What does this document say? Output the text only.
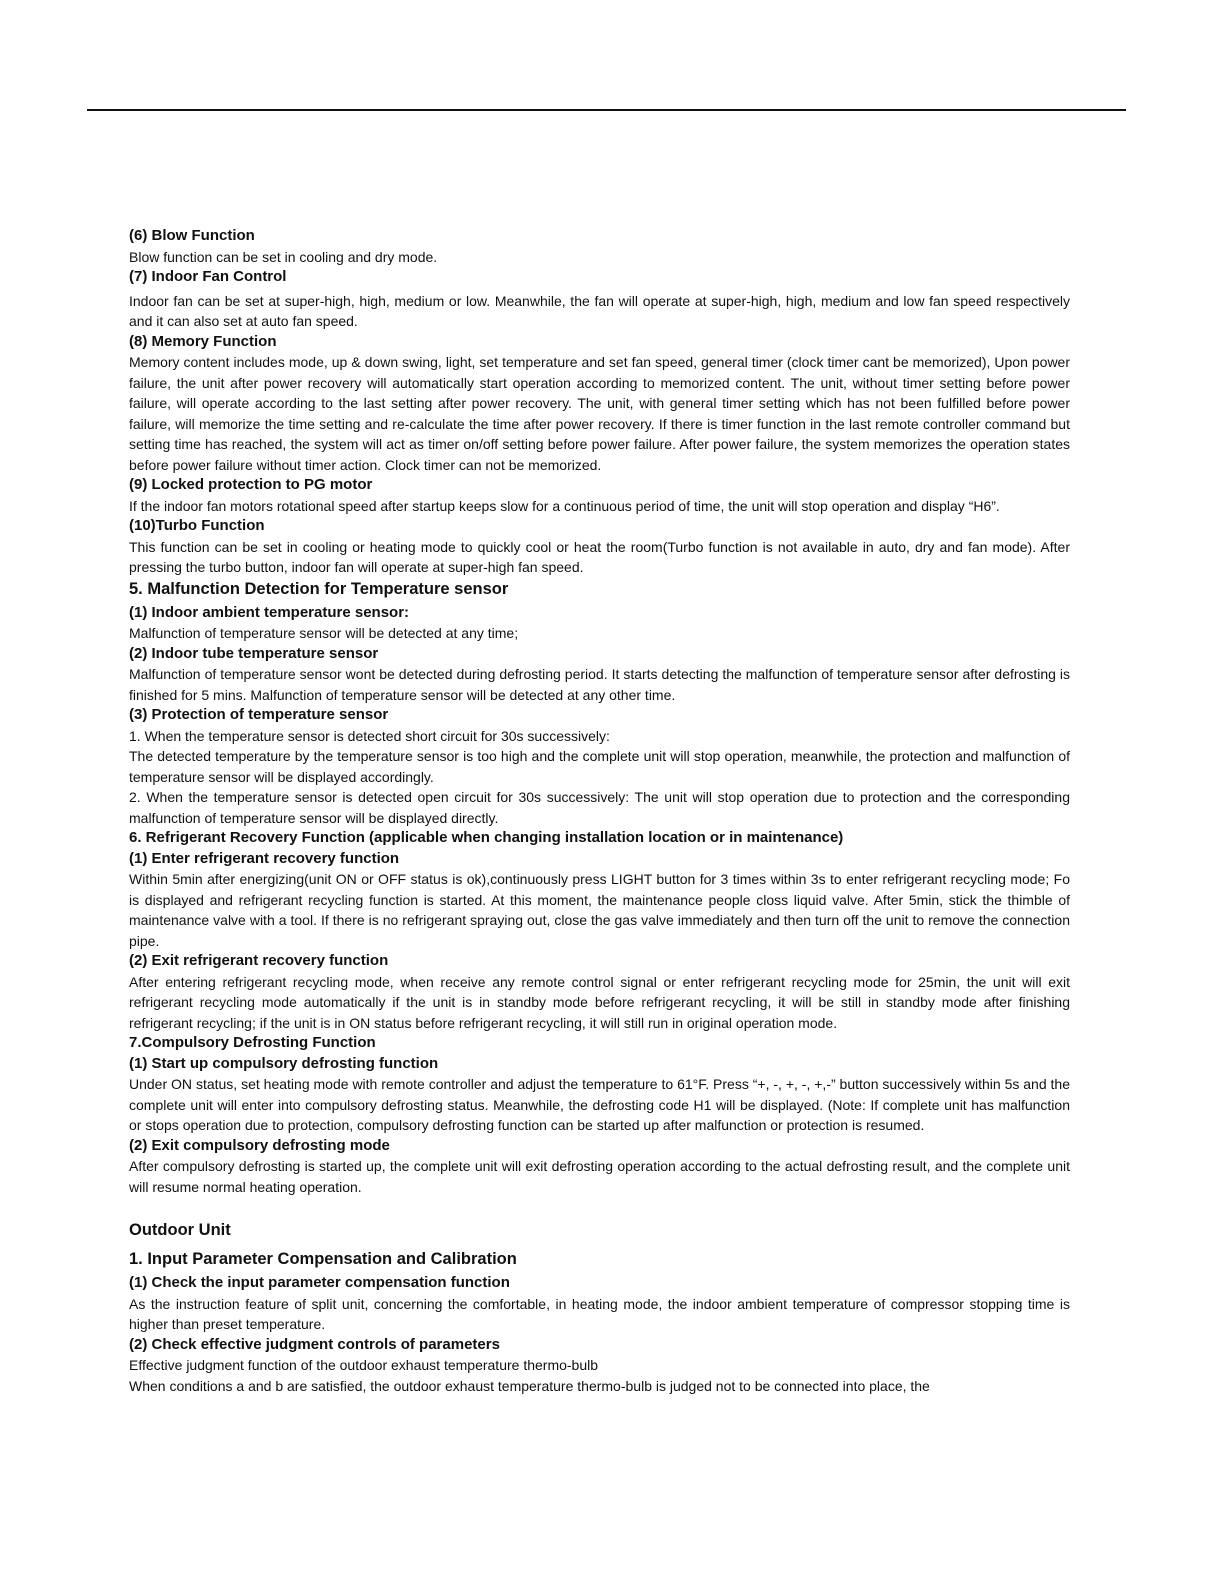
(6) Blow Function
Blow function can be set in cooling and dry mode.
(7) Indoor Fan Control
Indoor fan can be set at super-high, high, medium or low. Meanwhile, the fan will operate at super-high, high, medium and low fan speed respectively and it can also set at auto fan speed.
(8) Memory Function
Memory content includes mode, up & down swing, light, set temperature and set fan speed, general timer (clock timer cant be memorized), Upon power failure, the unit after power recovery will automatically start operation according to memorized content. The unit, without timer setting before power failure, will operate according to the last setting after power recovery. The unit, with general timer setting which has not been fulfilled before power failure, will memorize the time setting and re-calculate the time after power recovery. If there is timer function in the last remote controller command but setting time has reached, the system will act as timer on/off setting before power failure. After power failure, the system memorizes the operation states before power failure without timer action. Clock timer can not be memorized.
(9) Locked protection to PG motor
If the indoor fan motors rotational speed after startup keeps slow for a continuous period of time, the unit will stop operation and display “H6”.
(10)Turbo Function
This function can be set in cooling or heating mode to quickly cool or heat the room(Turbo function is not available in auto, dry and fan mode). After pressing the turbo button, indoor fan will operate at super-high fan speed.
5. Malfunction Detection for Temperature sensor
(1) Indoor ambient temperature sensor:
Malfunction of temperature sensor will be detected at any time;
(2) Indoor tube temperature sensor
Malfunction of temperature sensor wont be detected during defrosting period. It starts detecting the malfunction of temperature sensor after defrosting is finished for 5 mins. Malfunction of temperature sensor will be detected at any other time.
(3) Protection of temperature sensor
1. When the temperature sensor is detected short circuit for 30s successively:
The detected temperature by the temperature sensor is too high and the complete unit will stop operation, meanwhile, the protection and malfunction of temperature sensor will be displayed accordingly.
2. When the temperature sensor is detected open circuit for 30s successively: The unit will stop operation due to protection and the corresponding malfunction of temperature sensor will be displayed directly.
6. Refrigerant Recovery Function (applicable when changing installation location or in maintenance)
(1) Enter refrigerant recovery function
Within 5min after energizing(unit ON or OFF status is ok),continuously press LIGHT button for 3 times within 3s to enter refrigerant recycling mode; Fo is displayed and refrigerant recycling function is started. At this moment, the maintenance people closs liquid valve. After 5min, stick the thimble of maintenance valve with a tool. If there is no refrigerant spraying out, close the gas valve immediately and then turn off the unit to remove the connection pipe.
(2) Exit refrigerant recovery function
After entering refrigerant recycling mode, when receive any remote control signal or enter refrigerant recycling mode for 25min, the unit will exit refrigerant recycling mode automatically if the unit is in standby mode before refrigerant recycling, it will be still in standby mode after finishing refrigerant recycling; if the unit is in ON status before refrigerant recycling, it will still run in original operation mode.
7.Compulsory Defrosting Function
(1) Start up compulsory defrosting function
Under ON status, set heating mode with remote controller and adjust the temperature to 61°F. Press “+, -, +, -, +,-” button successively within 5s and the complete unit will enter into compulsory defrosting status. Meanwhile, the defrosting code H1 will be displayed. (Note: If complete unit has malfunction or stops operation due to protection, compulsory defrosting function can be started up after malfunction or protection is resumed.
(2) Exit compulsory defrosting mode
After compulsory defrosting is started up, the complete unit will exit defrosting operation according to the actual defrosting result, and the complete unit will resume normal heating operation.
Outdoor Unit
1. Input Parameter Compensation and Calibration
(1) Check the input parameter compensation function
As the instruction feature of split unit, concerning the comfortable, in heating mode, the indoor ambient temperature of compressor stopping time is higher than preset temperature.
(2) Check effective judgment controls of parameters
Effective judgment function of the outdoor exhaust temperature thermo-bulb
When conditions a and b are satisfied, the outdoor exhaust temperature thermo-bulb is judged not to be connected into place, the
